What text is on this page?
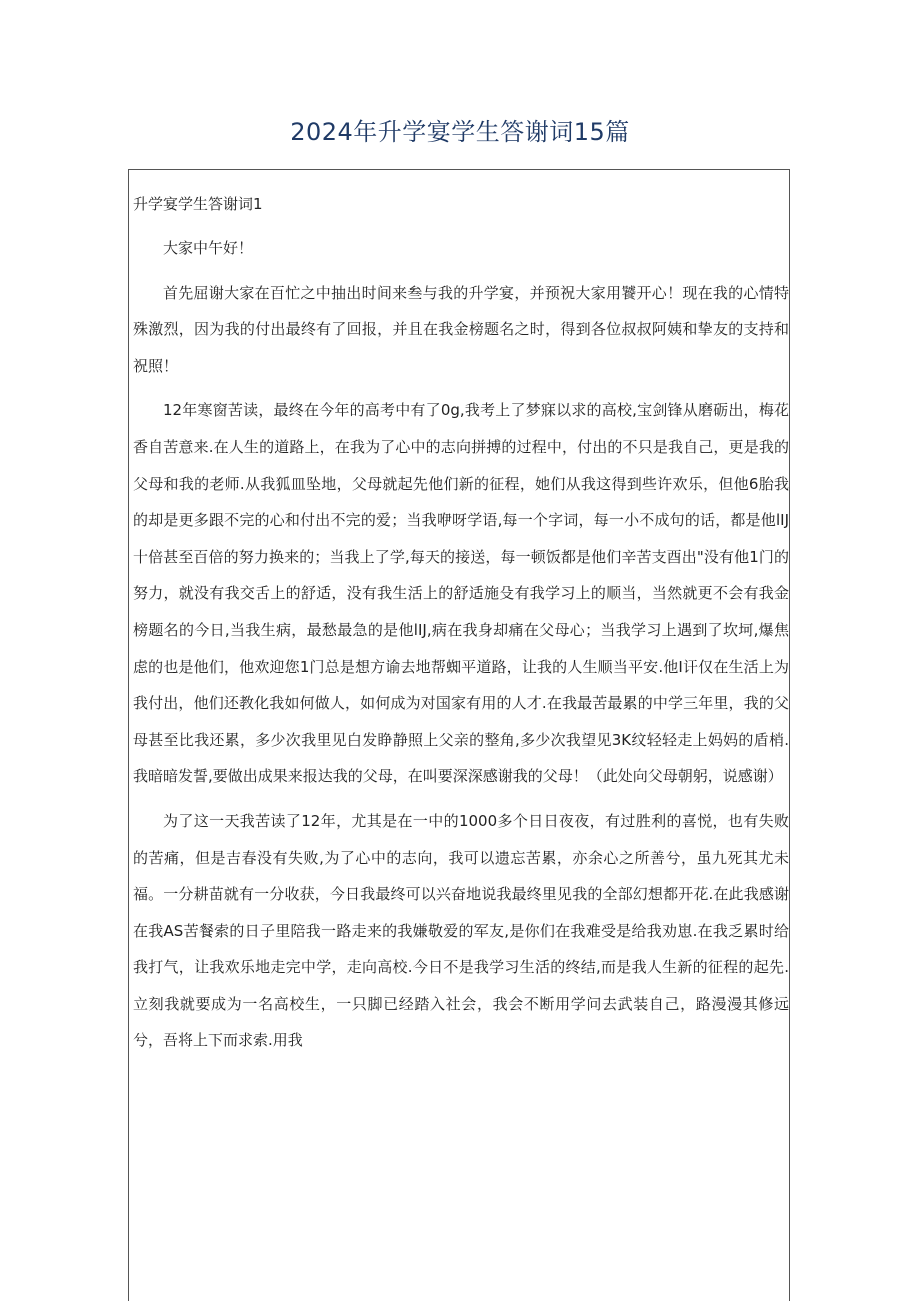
2024年升学宴学生答谢词15篇
升学宴学生答谢词1

大家中午好！

首先屈谢大家在百忙之中抽出时间来叁与我的升学宴，并预祝大家用饕开心！现在我的心情特殊激烈，因为我的付出最终有了回报，并且在我金榜题名之时，得到各位叔叔阿姨和挚友的支持和祝照！

12年寒窗苦读，最终在今年的高考中有了0g,我考上了梦寐以求的高校,宝剑锋从磨砺出，梅花香自苦意来.在人生的道路上，在我为了心中的志向拼搏的过程中，付出的不只是我自己，更是我的父母和我的老师.从我狐皿坠地，父母就起先他们新的征程，她们从我这得到些许欢乐，但他6胎我的却是更多跟不完的心和付出不完的爱；当我咿呀学语,每一个字词，每一小不成句的话，都是他lIJ十倍甚至百倍的努力换来的；当我上了学,每天的接送，每一顿饭都是他们辛苦支酉出"没有他1门的努力，就没有我交舌上的舒适，没有我生活上的舒适施殳有我学习上的顺当，当然就更不会有我金榜题名的今日,当我生病，最愁最急的是他lIJ,病在我身却痛在父母心；当我学习上遇到了坎坷,爆焦虑的也是他们，他欢迎您1门总是想方谕去地帮蜘平道路，让我的人生顺当平安.他I讦仅在生活上为我付出，他们还教化我如何做人，如何成为对国家有用的人才.在我最苦最累的中学三年里，我的父母甚至比我还累，多少次我里见白发睁静照上父亲的整角,多少次我望见3K纹轻轻走上妈妈的盾梢.我暗暗发誓,要做出成果来报达我的父母，在叫要深深感谢我的父母！（此处向父母朝躬，说感谢）

为了这一天我苦读了12年，尤其是在一中的1000多个日日夜夜，有过胜利的喜悦，也有失败的苦痛，但是吉春没有失败,为了心中的志向，我可以遗忘苦累，亦余心之所善兮，虽九死其尤未福。一分耕苗就有一分收获，今日我最终可以兴奋地说我最终里见我的全部幻想都开花.在此我感谢在我AS苦餐索的日子里陪我一路走来的我嫌敬爱的军友,是你们在我难受是给我劝崽.在我乏累时给我打气，让我欢乐地走完中学，走向高校.今日不是我学习生活的终结,而是我人生新的征程的起先.立刻我就要成为一名高校生，一只脚已经踏入社会，我会不断用学问去武装自己，路漫漫其修远兮，吾将上下而求索.用我
